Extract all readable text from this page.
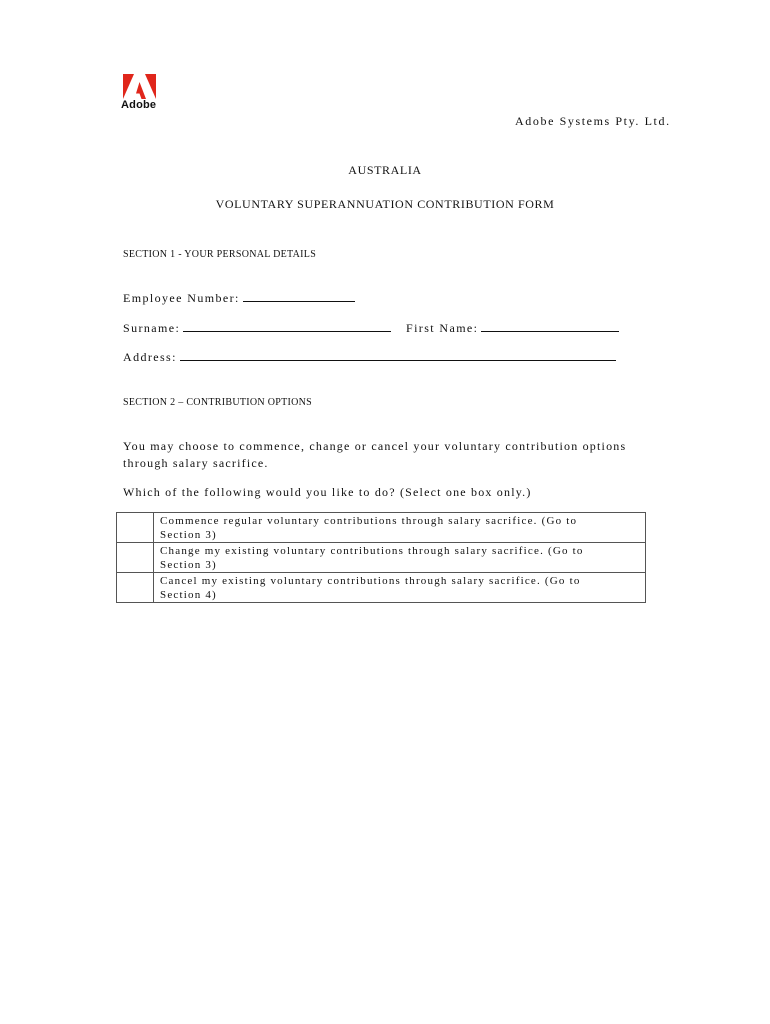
Adobe
Adobe Systems Pty. Ltd.
AUSTRALIA
VOLUNTARY SUPERANNUATION CONTRIBUTION FORM
SECTION 1 - YOUR PERSONAL DETAILS
Employee Number:
Surname:	First Name:
Address:
SECTION 2 – CONTRIBUTION OPTIONS
You may choose to commence, change or cancel your voluntary contribution options
through salary sacrifice.
Which of the following would you like to do? (Select one box only.)

	Commence regular voluntary contributions through salary sacrifice. (Go to
Section 3)

	Change my existing voluntary contributions through salary sacrifice. (Go to
Section 3)

	Cancel my existing voluntary contributions through salary sacrifice. (Go to
Section 4)
